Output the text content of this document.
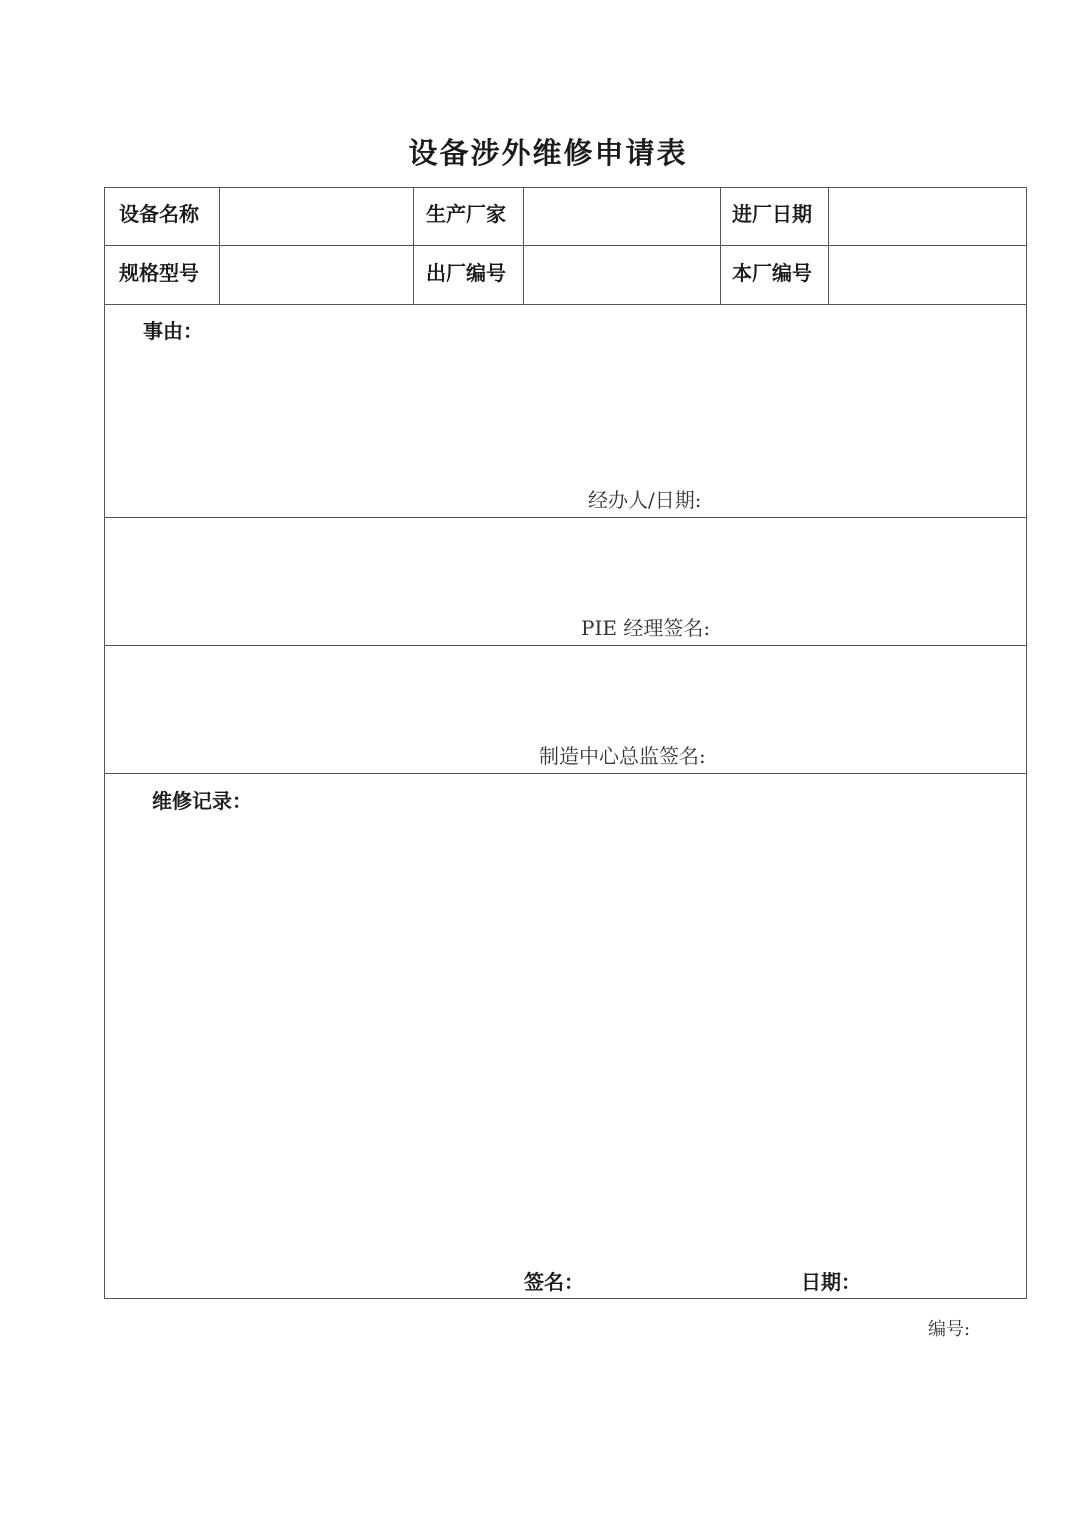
设备涉外维修申请表
设备名称	生产厂家	进厂日期
规格型号	出厂编号	本厂编号
事由：
经办人/日期:
PIE 经理签名:
制造中心总监签名:
维修记录：
签名：	日期：
编号:
